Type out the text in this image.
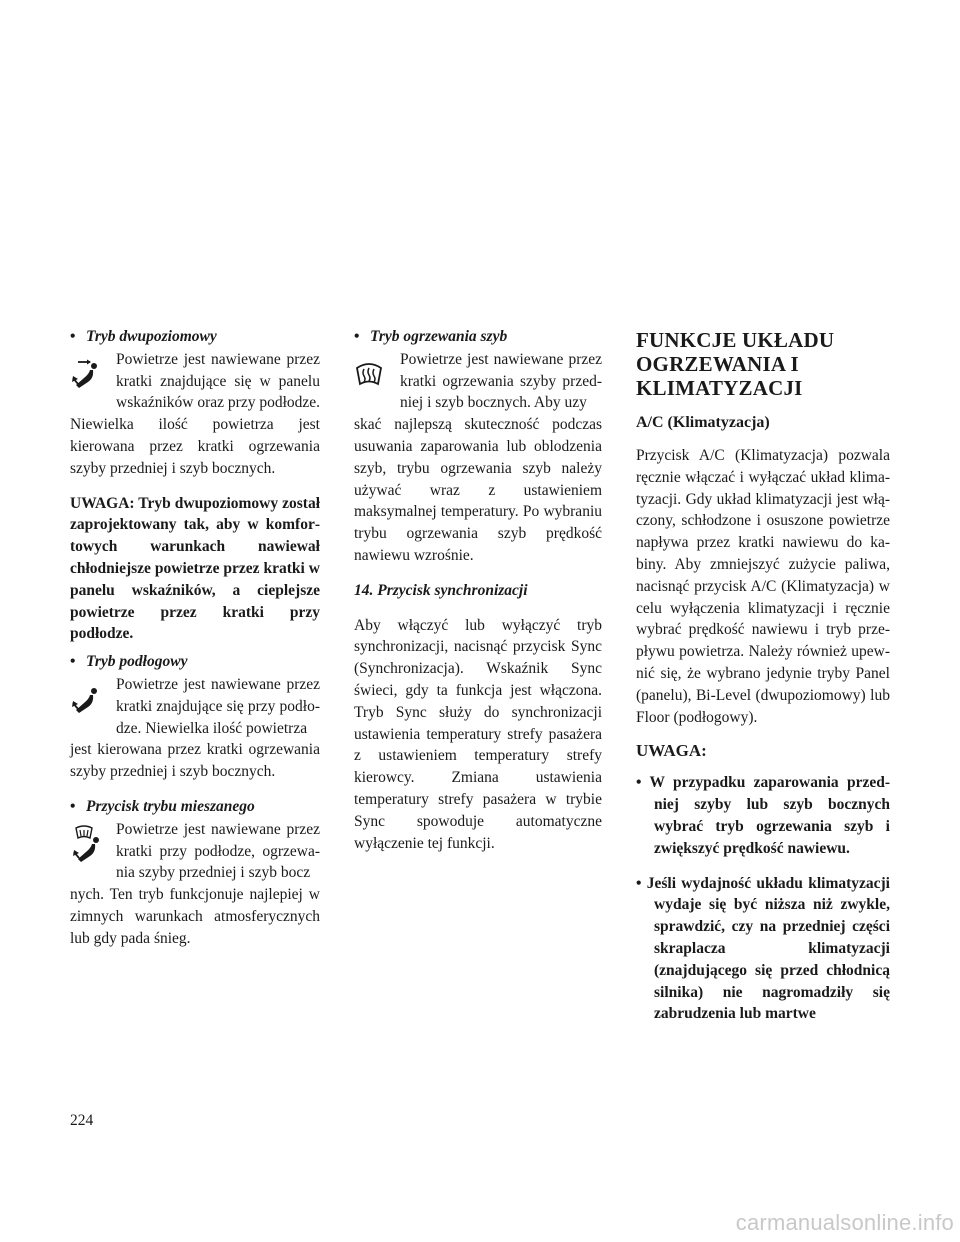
• Tryb dwupoziomowy

Powietrze jest nawiewane przez kratki znajdujące się w panelu wskaźników oraz przy podłodze.

Niewielka ilość powietrza jest kierowana przez kratki ogrzewania szyby przedniej i szyb bocznych.

UWAGA: Tryb dwupoziomowy został zaprojektowany tak, aby w komfortowych warunkach nawiewał chłodniejsze powietrze przez kratki w panelu wskaźników, a cieplejsze powietrze przez kratki przy podłodze.

• Tryb podłogowy

Powietrze jest nawiewane przez kratki znajdujące się przy podłodze. Niewielka ilość powietrza

jest kierowana przez kratki ogrzewania szyby przedniej i szyb bocznych.

• Przycisk trybu mieszanego

Powietrze jest nawiewane przez kratki przy podłodze, ogrzewania szyby przedniej i szyb bocz

nych. Ten tryb funkcjonuje najlepiej w zimnych warunkach atmosferycznych lub gdy pada śnieg.

• Tryb ogrzewania szyb

Powietrze jest nawiewane przez kratki ogrzewania szyby przedniej i szyb bocznych. Aby uzy

skać najlepszą skuteczność podczas usuwania zaparowania lub oblodzenia szyb, trybu ogrzewania szyb należy używać wraz z ustawieniem maksymalnej temperatury. Po wybraniu trybu ogrzewania szyb prędkość nawiewu wzrośnie.

14. Przycisk synchronizacji

Aby włączyć lub wyłączyć tryb synchronizacji, nacisnąć przycisk Sync (Synchronizacja). Wskaźnik Sync świeci, gdy ta funkcja jest włączona. Tryb Sync służy do synchronizacji ustawienia temperatury strefy pasażera z ustawieniem temperatury strefy kierowcy. Zmiana ustawienia temperatury strefy pasażera w trybie Sync spowoduje automatyczne wyłączenie tej funkcji.

FUNKCJE UKŁADU OGRZEWANIA I KLIMATYZACJI
A/C (Klimatyzacja)

Przycisk A/C (Klimatyzacja) pozwala ręcznie włączać i wyłączać układ klimatyzacji. Gdy układ klimatyzacji jest włączony, schłodzone i osuszone powietrze napływa przez kratki nawiewu do kabiny. Aby zmniejszyć zużycie paliwa, nacisnąć przycisk A/C (Klimatyzacja) w celu wyłączenia klimatyzacji i ręcznie wybrać prędkość nawiewu i tryb przepływu powietrza. Należy również upewnić się, że wybrano jedynie tryby Panel (panelu), Bi-Level (dwupoziomowy) lub Floor (podłogowy).

UWAGA:
• W przypadku zaparowania przedniej szyby lub szyb bocznych wybrać tryb ogrzewania szyb i zwiększyć prędkość nawiewu.
• Jeśli wydajność układu klimatyzacji wydaje się być niższa niż zwykle, sprawdzić, czy na przedniej części skraplacza klimatyzacji (znajdującego się przed chłodnicą silnika) nie nagromadziły się zabrudzenia lub martwe
224
carmanualsonline.info
